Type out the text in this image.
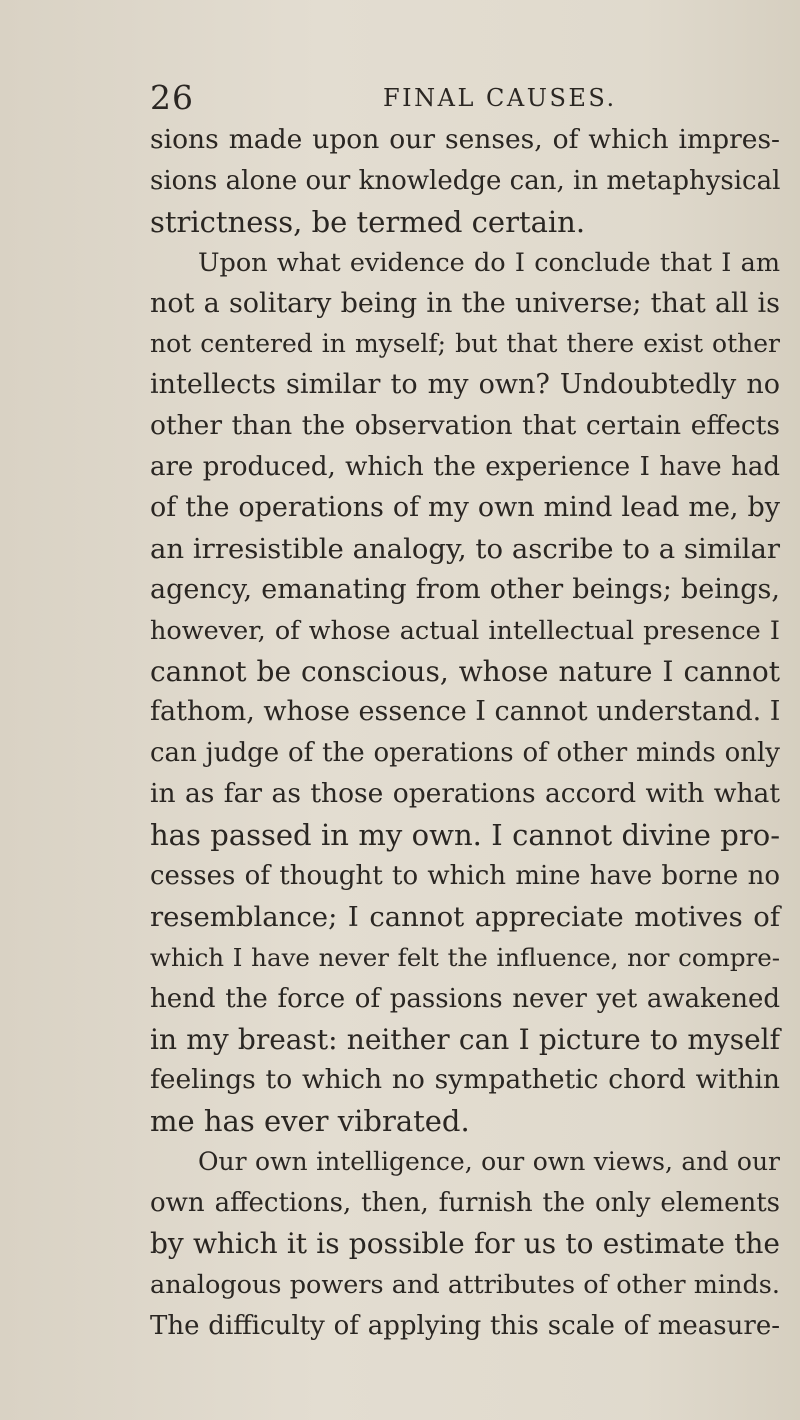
26	FINAL CAUSES.
sions made upon our senses, of which impres-
sions alone our knowledge can, in metaphysical
strictness, be termed certain.
Upon what evidence do I conclude that I am
not a solitary being in the universe; that all is
not centered in myself; but that there exist other
intellects similar to my own? Undoubtedly no
other than the observation that certain effects
are produced, which the experience I have had
of the operations of my own mind lead me, by
an irresistible analogy, to ascribe to a similar
agency, emanating from other beings; beings,
however, of whose actual intellectual presence I
cannot be conscious, whose nature I cannot
fathom, whose essence I cannot understand. I
can judge of the operations of other minds only
in as far as those operations accord with what
has passed in my own. I cannot divine pro-
cesses of thought to which mine have borne no
resemblance; I cannot appreciate motives of
which I have never felt the influence, nor compre-
hend the force of passions never yet awakened
in my breast: neither can I picture to myself
feelings to which no sympathetic chord within
me has ever vibrated.
Our own intelligence, our own views, and our
own affections, then, furnish the only elements
by which it is possible for us to estimate the
analogous powers and attributes of other minds.
The difficulty of applying this scale of measure-
